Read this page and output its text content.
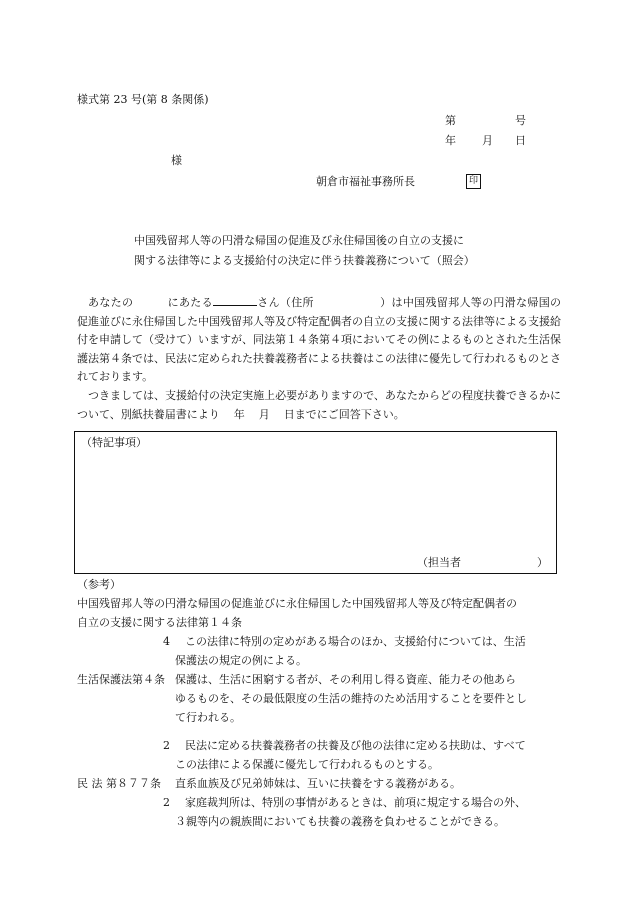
様式第 23 号(第 8 条関係)
第	号
年 月 日
様
朝倉市福祉事務所長	印
中国残留邦人等の円滑な帰国の促進及び永住帰国後の自立の支援に
関する法律等による支援給付の決定に伴う扶養義務について（照会）
あなたの	にあたる	さん（住所	）は中国残留邦人等の円滑な帰国の促進並びに永住帰国した中国残留邦人等及び特定配偶者の自立の支援に関する法律等による支援給付を申請して（受けて）いますが、同法第１４条第４項においてその例によるものとされた生活保護法第４条では、民法に定められた扶養義務者による扶養はこの法律に優先して行われるものとされております。
つきましては、支援給付の決定実施上必要がありますので、あなたからどの程度扶養できるかについて、別紙扶養届書により 年 月 日までにご回答下さい。
（特記事項）
（担当者	）
（参考）
中国残留邦人等の円滑な帰国の促進並びに永住帰国した中国残留邦人等及び特定配偶者の
自立の支援に関する法律第１４条
4 この法律に特別の定めがある場合のほか、支援給付については、生活
保護法の規定の例による。
生活保護法第４条 保護は、生活に困窮する者が、その利用し得る資産、能力その他あら
ゆるものを、その最低限度の生活の維持のため活用することを要件とし
て行われる。
2 民法に定める扶養義務者の扶養及び他の法律に定める扶助は、すべて
この法律による保護に優先して行われるものとする。
民 法 第８７７条 直系血族及び兄弟姉妹は、互いに扶養をする義務がある。
2 家庭裁判所は、特別の事情があるときは、前項に規定する場合の外、
３親等内の親族間においても扶養の義務を負わせることができる。
